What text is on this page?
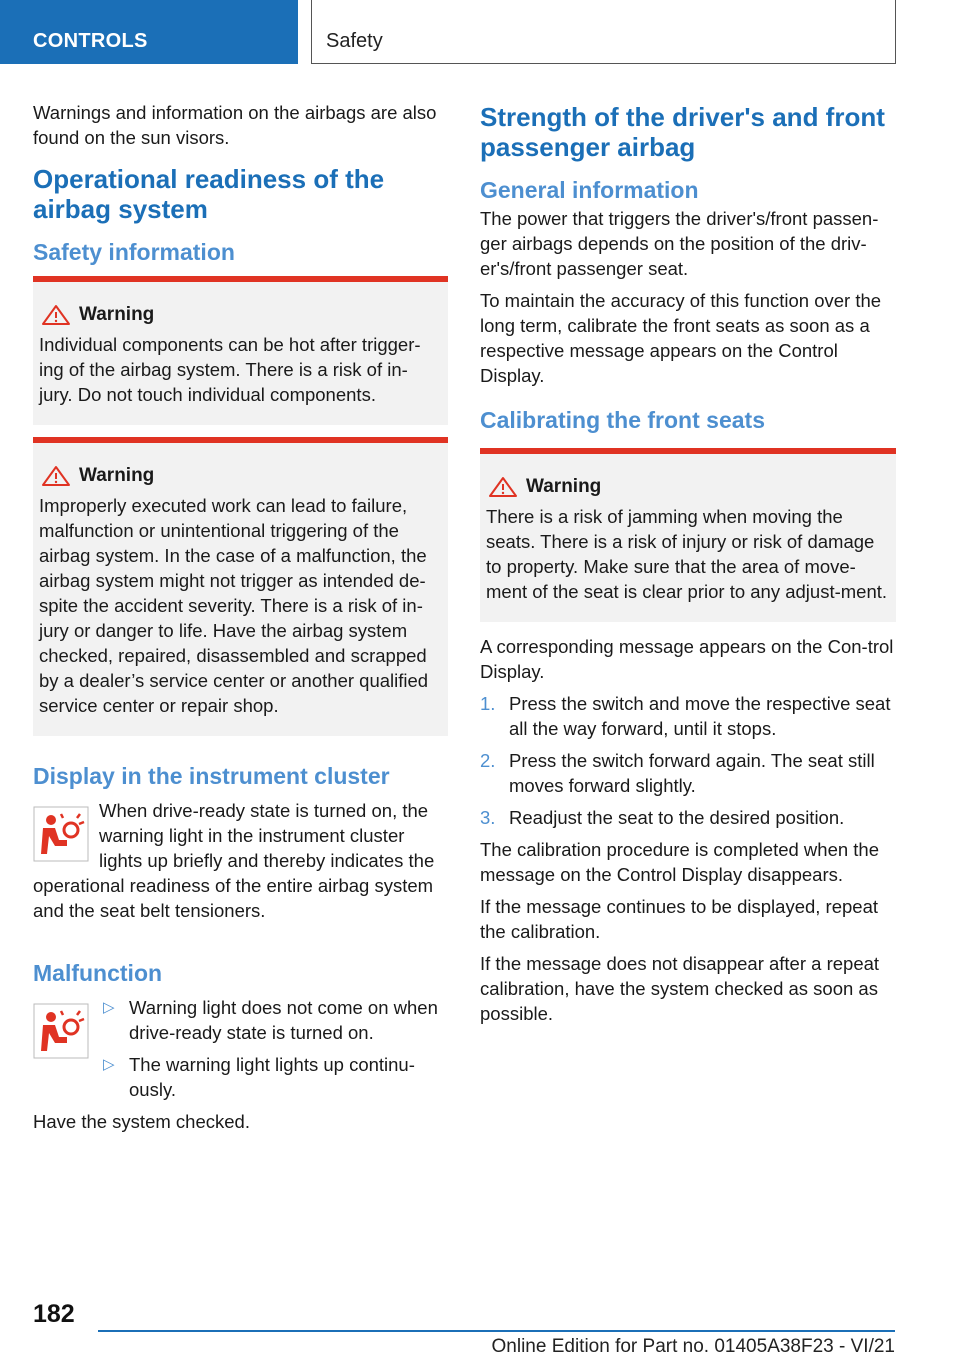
CONTROLS	Safety

Warnings and information on the airbags are also found on the sun visors.

Operational readiness of the airbag system
Safety information
Warning

Individual components can be hot after trigger-ing of the airbag system. There is a risk of in-jury. Do not touch individual components.

Warning

Improperly executed work can lead to failure, malfunction or unintentional triggering of the airbag system. In the case of a malfunction, the airbag system might not trigger as intended de-spite the accident severity. There is a risk of in-jury or danger to life. Have the airbag system checked, repaired, disassembled and scrapped by a dealer’s service center or another qualified service center or repair shop.

Display in the instrument cluster

When drive-ready state is turned on, the warning light in the instrument cluster lights up briefly and thereby indicates the operational readiness of the entire airbag system and the seat belt tensioners.

Malfunction
▷ Warning light does not come on when drive-ready state is turned on.
▷ The warning light lights up continu-ously.

Have the system checked.

Strength of the driver's and front passenger airbag
General information

The power that triggers the driver's/front passen-ger airbags depends on the position of the driv-er's/front passenger seat.

To maintain the accuracy of this function over the long term, calibrate the front seats as soon as a respective message appears on the Control Display.

Calibrating the front seats
Warning

There is a risk of jamming when moving the seats. There is a risk of injury or risk of damage to property. Make sure that the area of move-ment of the seat is clear prior to any adjust-ment.

A corresponding message appears on the Con-trol Display.

1. Press the switch and move the respective seat all the way forward, until it stops.
2. Press the switch forward again. The seat still moves forward slightly.
3. Readjust the seat to the desired position.

The calibration procedure is completed when the message on the Control Display disappears.

If the message continues to be displayed, repeat the calibration.

If the message does not disappear after a repeat calibration, have the system checked as soon as possible.

182
Online Edition for Part no. 01405A38F23 - VI/21
